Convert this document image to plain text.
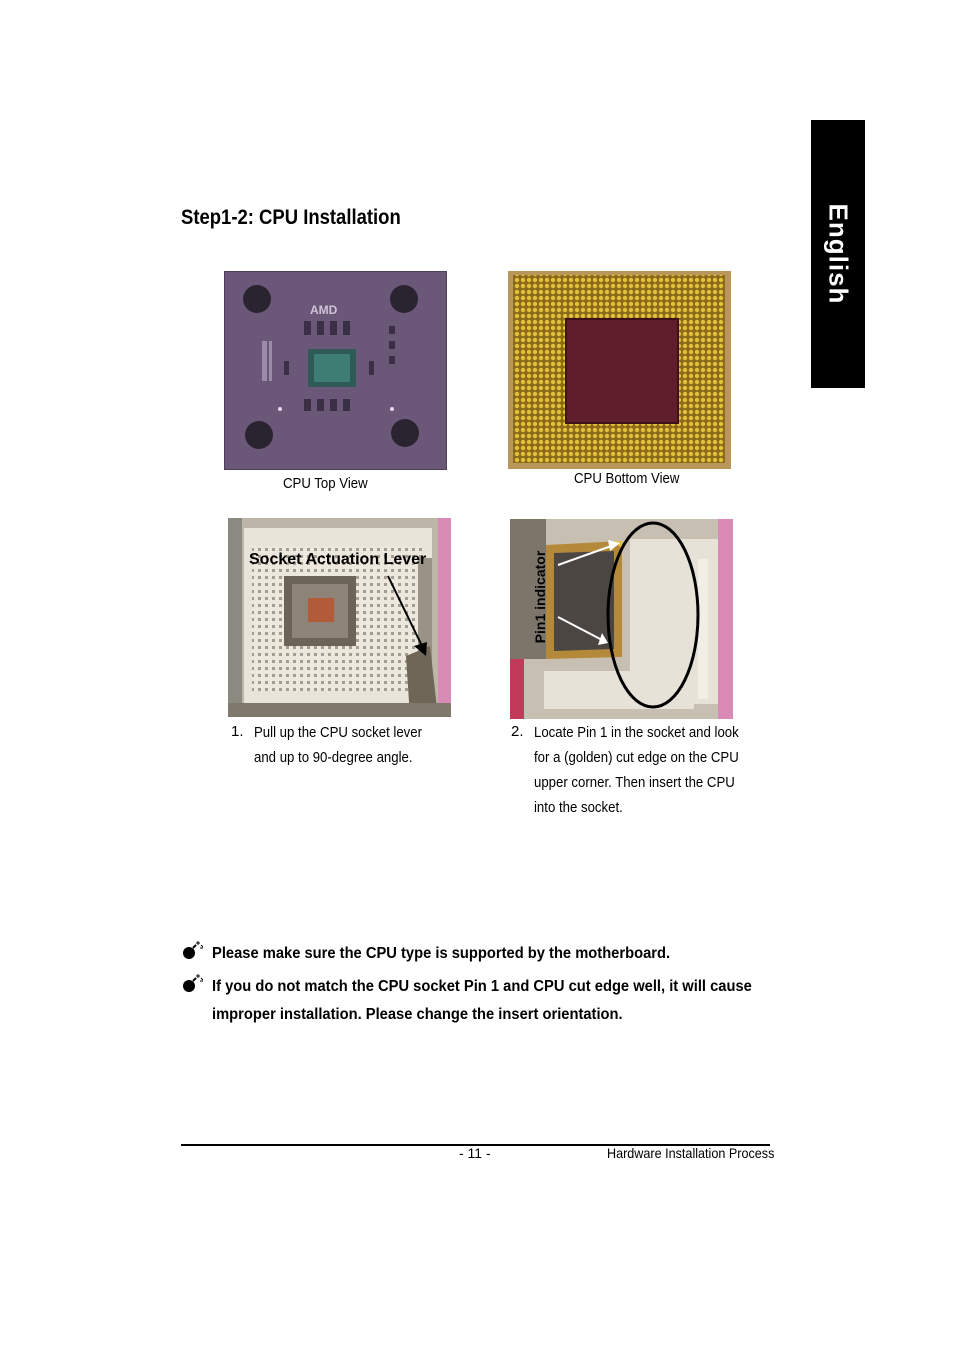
English
Step1-2: CPU Installation
AMD
CPU Top View	CPU Bottom View
Socket Actuation Lever
1. Pull up the CPU socket lever
and up to 90-degree angle.
Pin1 indicator
2. Locate Pin 1 in the socket and look
for a (golden) cut edge on the CPU
upper corner. Then insert the CPU
into the socket.
Please make sure the CPU type is supported by the motherboard.
If you do not match the CPU socket Pin 1 and CPU cut edge well, it will cause
improper installation. Please change the insert orientation.
- 11 -	Hardware Installation Process
